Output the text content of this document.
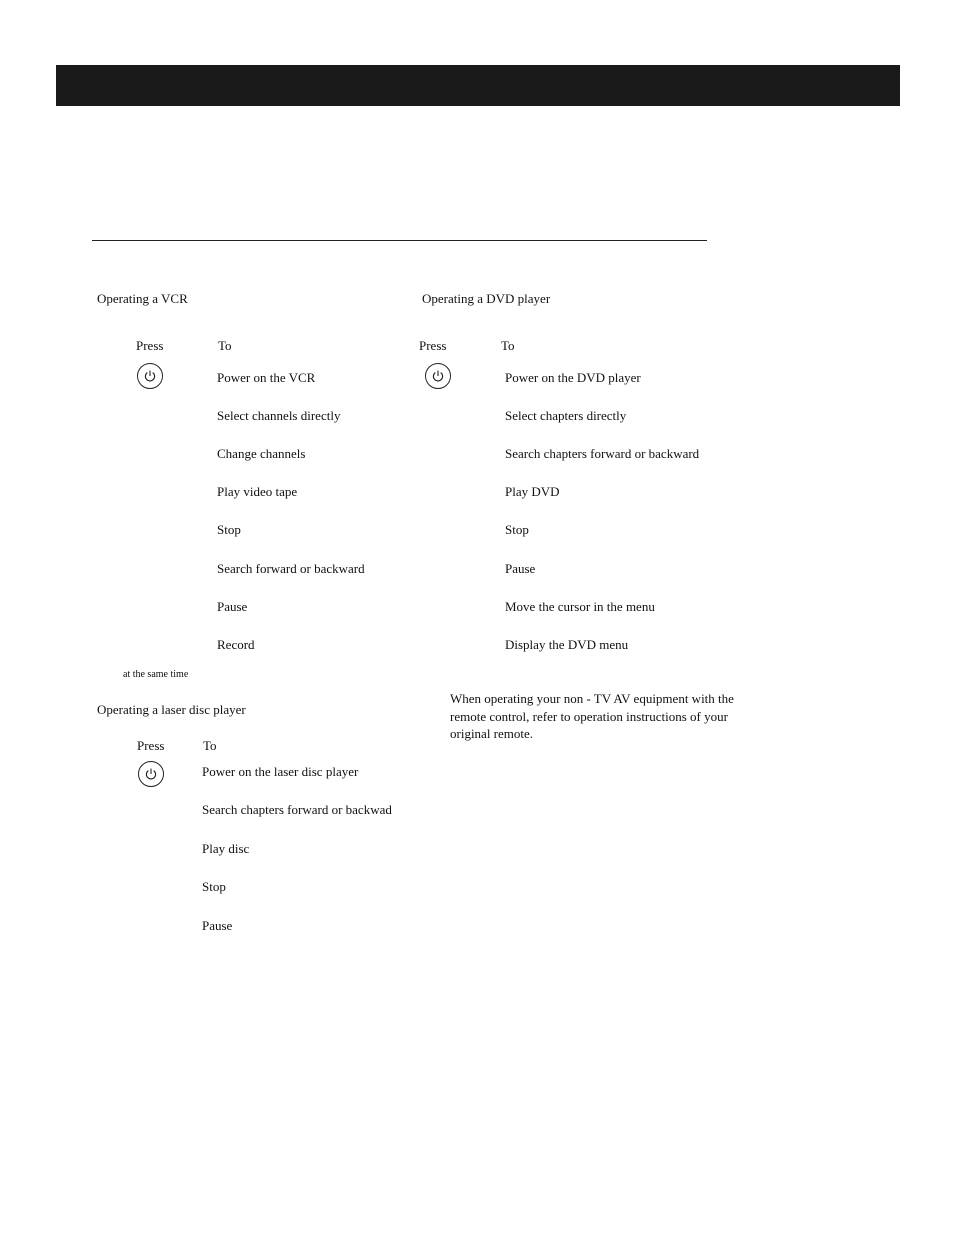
Operating a VCR
Press	To
Power on the VCR
Select channels directly
Change channels
Play video tape
Stop
Search forward or backward
Pause
Record
at the same time
Operating a DVD player
Press	To
Power on the DVD player
Select chapters directly
Search chapters forward or backward
Play DVD
Stop
Pause
Move the cursor in the menu
Display the DVD menu
Operating a laser disc player
Press	To
Power on the laser disc player
Search chapters forward or backwad
Play disc
Stop
Pause
When operating your non - TV AV equipment with the remote control, refer to operation instructions of your original remote.
